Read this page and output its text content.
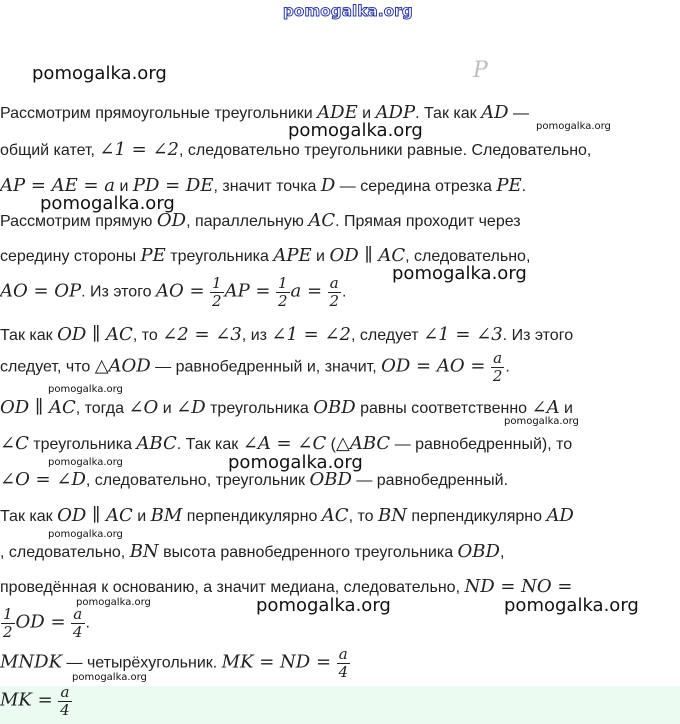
pomogalka.org
pomogalka.org
pomogalka.org	pomogalka.org
pomogalka.org
pomogalka.org
pomogalka.org
pomogalka.org
pomogalka.org	pomogalka.org
pomogalka.org
pomogalka.org	pomogalka.org	pomogalka.org
pomogalka.org
P
Рассмотрим прямоугольные треугольники ADE и ADP. Так как AD —
общий катет, ∠1 = ∠2, следовательно треугольники равные. Следовательно,
AP = AE = a и PD = DE, значит точка D — середина отрезка PE.
Рассмотрим прямую OD, параллельную AC. Прямая проходит через
середину стороны PE треугольника APE и OD ∥ AC, следовательно,
AO = OP. Из этого AO = $\frac{1}{2}$ AP = $\frac{1}{2}$ $a = \frac{a}{2}$ .
Так как OD ∥ AC, то ∠2 = ∠3, из ∠1 = ∠2, следует ∠1 = ∠3. Из этого
следует, что △AOD — равнобедренный и, значит, OD = AO = $\frac{a}{2}$ .
OD ∥ AC, тогда ∠O и ∠D треугольника OBD равны соответственно ∠A и
∠C треугольника ABC. Так как ∠A = ∠C (△ABC — равнобедренный), то
∠O = ∠D, следовательно, треугольник OBD — равнобедренный.
Так как OD ∥ AC и BM перпендикулярно AC, то BN перпендикулярно AD
, следовательно, BN высота равнобедренного треугольника OBD,
проведённая к основанию, а значит медиана, следовательно, ND = NO =
$\frac{1}{2}$ OD = $\frac{a}{4}$ .
MNDK — четырёхугольник. MK = ND = $\frac{a}{4}$
MK = $\frac{a}{4}$
